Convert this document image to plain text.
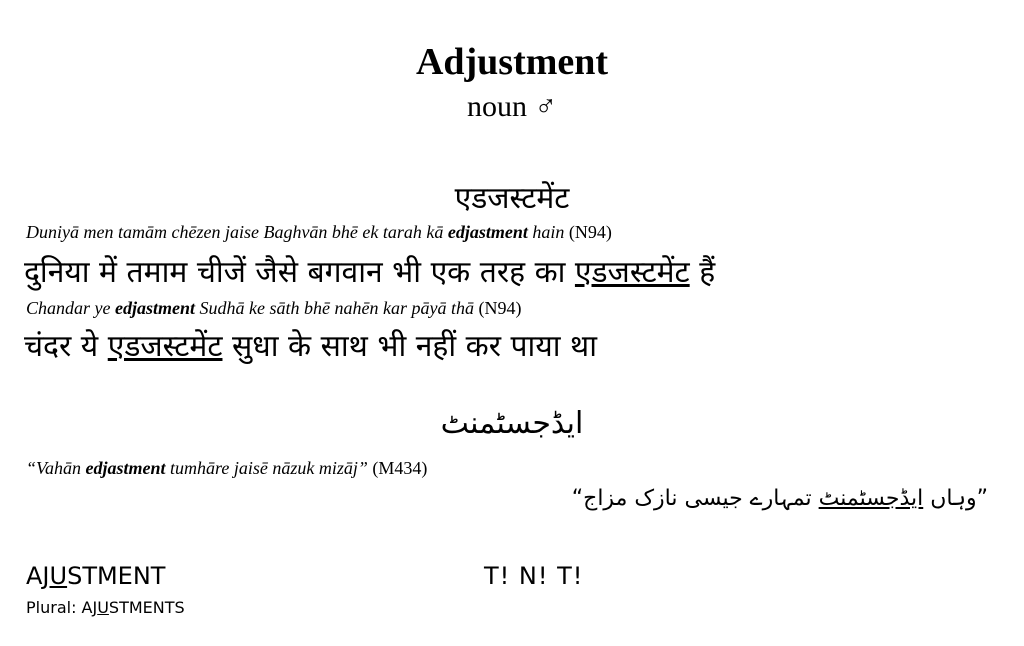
Adjustment
noun ♂
एडजस्टमेंट
Duniyā men tamām chēzen jaise Baghvān bhē ek tarah kā edjastment hain (N94)
दुनिया में तमाम चीजें जैसे बगवान भी एक तरह का एडजस्टमेंट हैं
Chandar ye edjastment Sudhā ke sāth bhē nahēn kar pāyā thā (N94)
चंदर ये एडजस्टमेंट सुधा के साथ भी नहीं कर पाया था
ایڈجسٹمنٹ
“Vahān edjastment tumhāre jaisē nāzuk mizāj” (M434)
”وہاں ایڈجسٹمنٹ تمہارے جیسی نازک مزاج“
AJUSTMENT	T! N! T!
Plural: AJUSTMENTS
